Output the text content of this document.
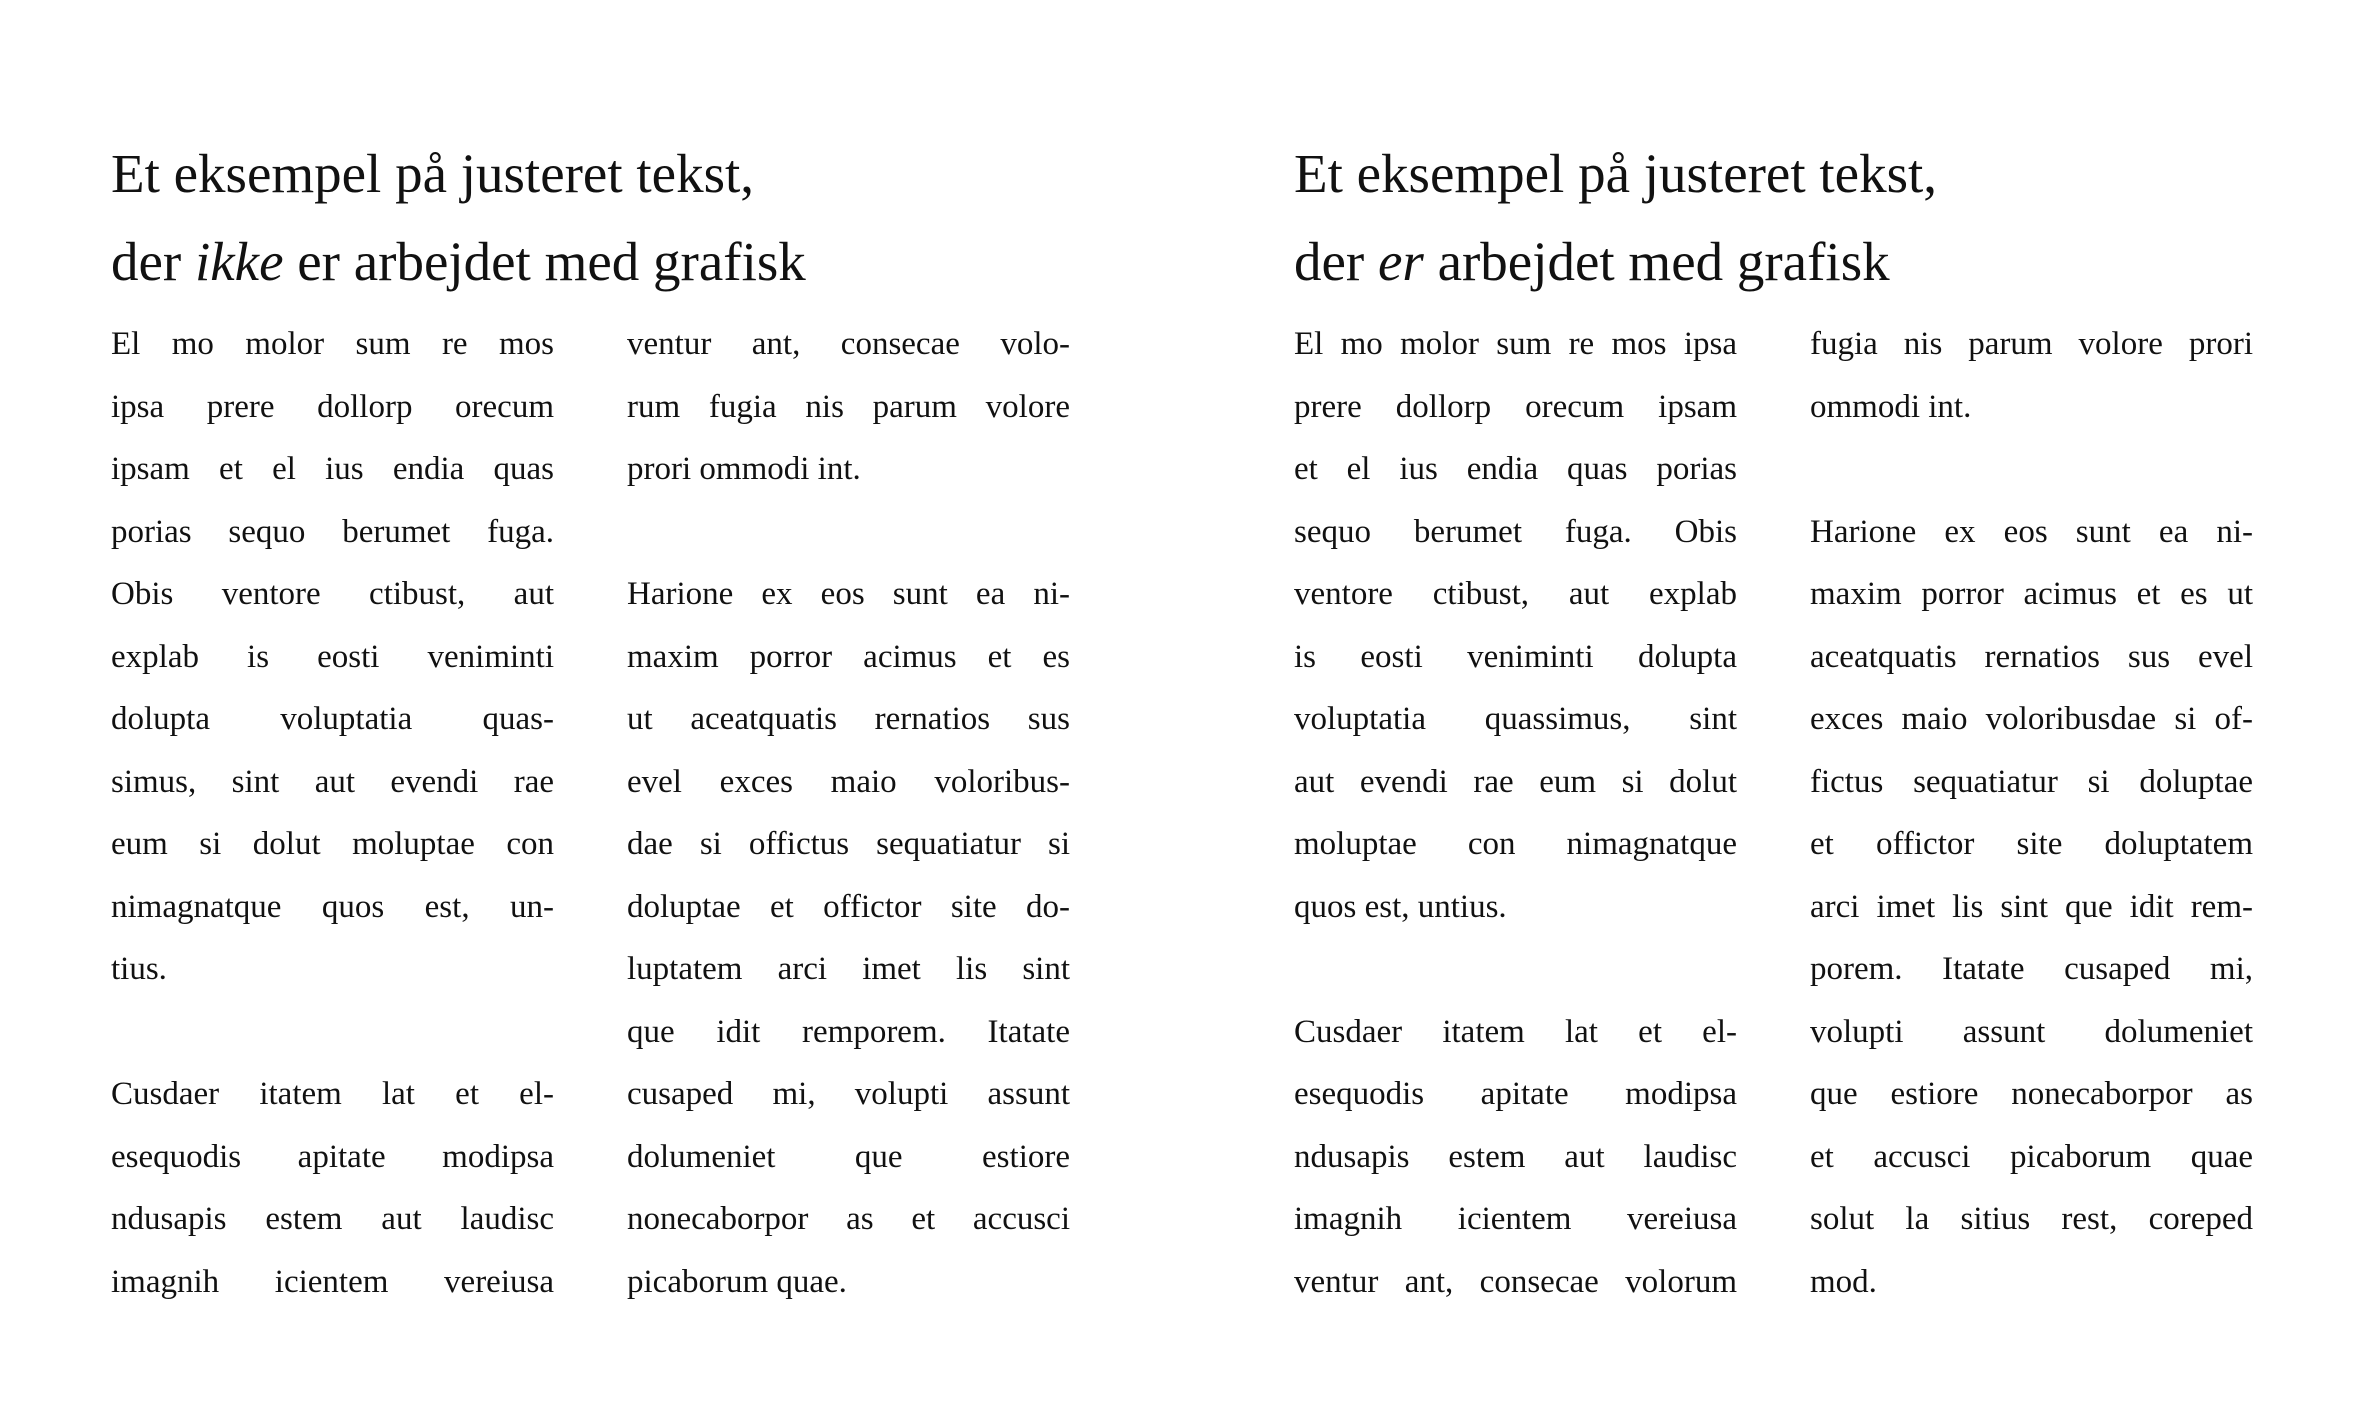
Et eksempel på justeret tekst,
der ikke er arbejdet med grafisk
El mo molor sum re mos
ipsa prere dollorp orecum
ipsam et el ius endia quas
porias sequo berumet fuga.
Obis ventore ctibust, aut
explab is eosti veniminti
dolupta voluptatia quas-
simus, sint aut evendi rae
eum si dolut moluptae con
nimagnatque quos est, un-
tius.
Cusdaer itatem lat et el-
esequodis apitate modipsa
ndusapis estem aut laudisc
imagnih icientem vereiusa
ventur ant, consecae volo-
rum fugia nis parum volore
prori ommodi int.
Harione ex eos sunt ea ni-
maxim porror acimus et es
ut aceatquatis rernatios sus
evel exces maio voloribus-
dae si offictus sequatiatur si
doluptae et offictor site do-
luptatem arci imet lis sint
que idit remporem. Itatate
cusaped mi, volupti assunt
dolumeniet que estiore
nonecaborpor as et accusci
picaborum quae.
Et eksempel på justeret tekst,
der er arbejdet med grafisk
El mo molor sum re mos ipsa
prere dollorp orecum ipsam
et el ius endia quas porias
sequo berumet fuga. Obis
ventore ctibust, aut explab
is eosti veniminti dolupta
voluptatia quassimus, sint
aut evendi rae eum si dolut
moluptae con nimagnatque
quos est, untius.
Cusdaer itatem lat et el-
esequodis apitate modipsa
ndusapis estem aut laudisc
imagnih icientem vereiusa
ventur ant, consecae volorum
fugia nis parum volore prori
ommodi int.
Harione ex eos sunt ea ni-
maxim porror acimus et es ut
aceatquatis rernatios sus evel
exces maio voloribusdae si of-
fictus sequatiatur si doluptae
et offictor site doluptatem
arci imet lis sint que idit rem-
porem. Itatate cusaped mi,
volupti assunt dolumeniet
que estiore nonecaborpor as
et accusci picaborum quae
solut la sitius rest, coreped
mod.
